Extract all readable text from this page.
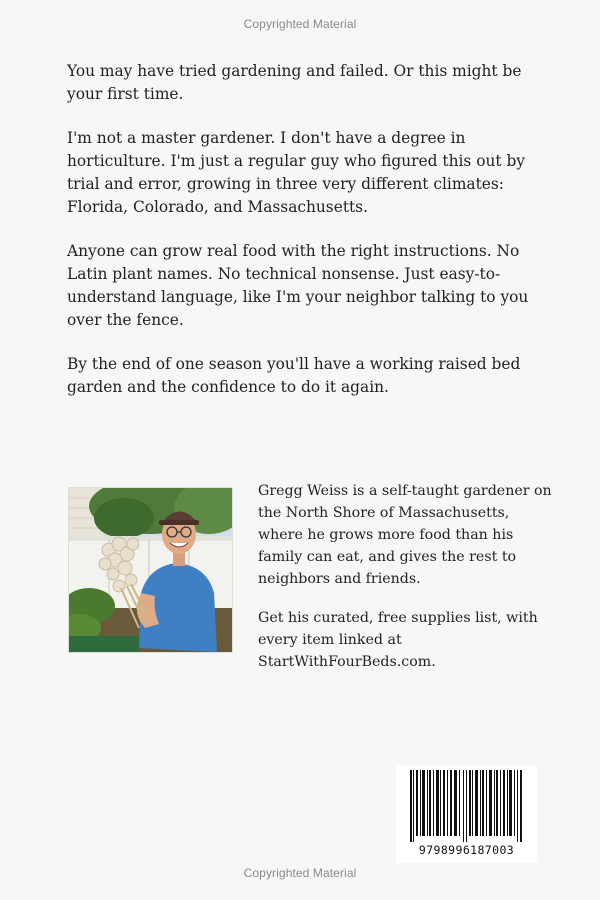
Copyrighted Material

You may have tried gardening and failed. Or this might be your first time.

I'm not a master gardener. I don't have a degree in horticulture. I'm just a regular guy who figured this out by trial and error, growing in three very different climates: Florida, Colorado, and Massachusetts.

Anyone can grow real food with the right instructions. No Latin plant names. No technical nonsense. Just easy-to-understand language, like I'm your neighbor talking to you over the fence.

By the end of one season you'll have a working raised bed garden and the confidence to do it again.

Gregg Weiss is a self-taught gardener on the North Shore of Massachusetts, where he grows more food than his family can eat, and gives the rest to neighbors and friends.

Get his curated, free supplies list, with every item linked at StartWithFourBeds.com.

9798996187003
Copyrighted Material
